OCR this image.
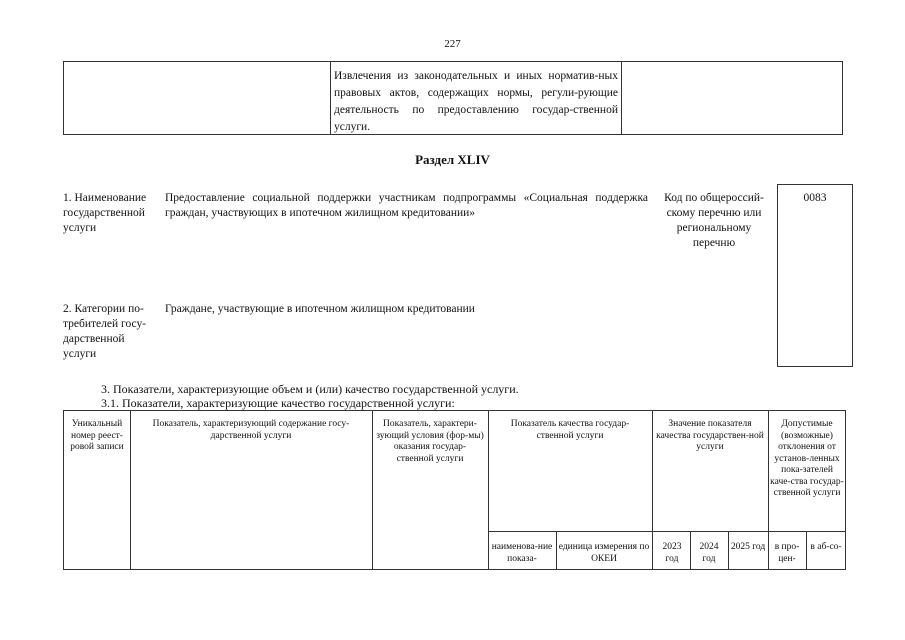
227
Извлечения из законодательных и иных норматив-ных правовых актов, содержащих нормы, регули-рующие деятельность по предоставлению государ-ственной услуги.
Раздел XLIV
1. Наименование государственной услуги
Предоставление социальной поддержки участникам подпрограммы «Социальная поддержка граждан, участвующих в ипотечном жилищном кредитовании»
Код по общероссий-скому перечню или региональному перечню
0083
2. Категории по-требителей госу-дарственной услуги
Граждане, участвующие в ипотечном жилищном кредитовании
3. Показатели, характеризующие объем и (или) качество государственной услуги.
3.1. Показатели, характеризующие качество государственной услуги:
Уникальный номер реест-ровой записи
Показатель, характеризующий содержание госу-дарственной услуги
Показатель, характери-зующий условия (фор-мы) оказания государ-ственной услуги
Показатель качества государ-ственной услуги
Значение показателя качества государствен-ной услуги
Допустимые (возможные) отклонения от установ-ленных пока-зателей каче-ства государ-ственной услуги
наименова-ние показа-
единица измерения по ОКЕИ
2023 год
2024 год
2025 год	в про-цен-
в аб-со-
